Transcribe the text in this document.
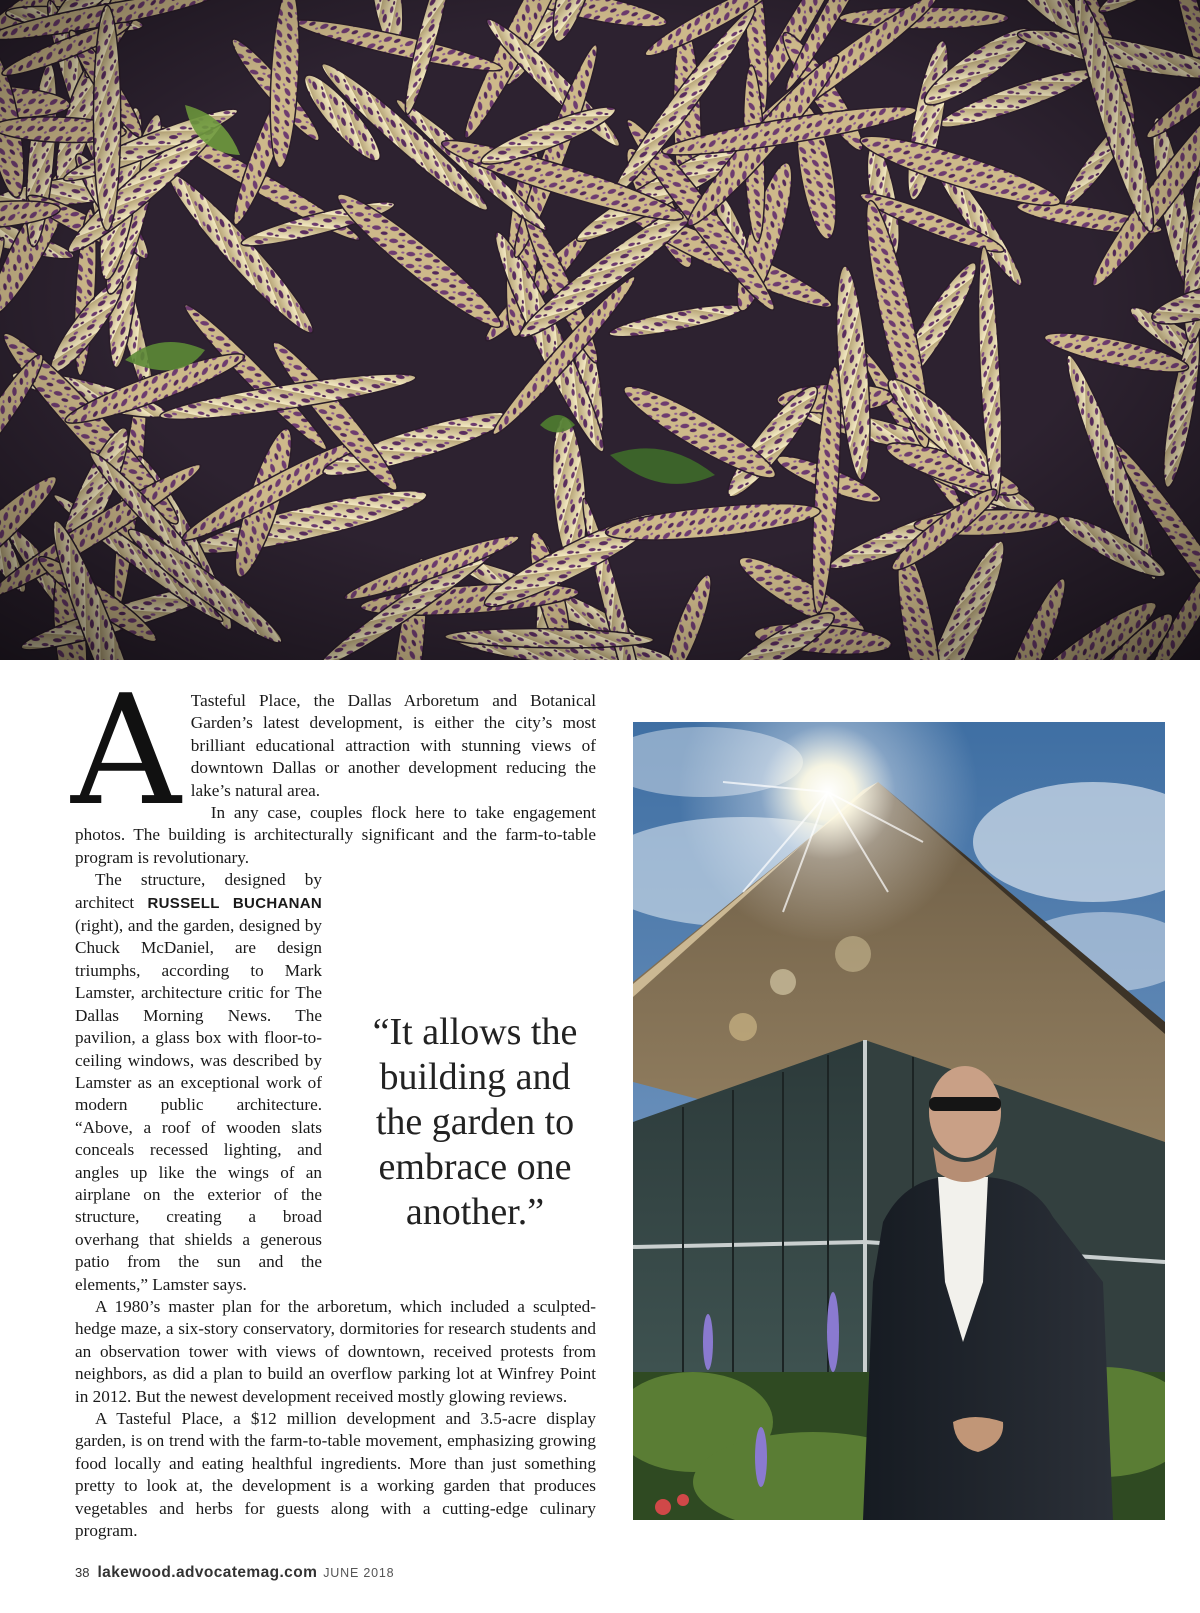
A Tasteful Place, the Dallas Arboretum and Botanical Garden’s latest development, is either the city’s most brilliant educational attraction with stunning views of downtown Dallas or another development reducing the lake’s natural area.

In any case, couples flock here to take engagement photos. The building is architecturally significant and the farm-to-table program is revolutionary.

The structure, designed by architect RUSSELL BUCHANAN (right), and the garden, designed by Chuck McDaniel, are design triumphs, according to Mark Lamster, architecture critic for The Dallas Morning News. The pavilion, a glass box with floor-to-ceiling windows, was described by Lamster as an exceptional work of modern public architecture. “Above, a roof of wooden slats conceals recessed lighting, and angles up like the wings of an airplane on the exterior of the structure, creating a broad overhang that shields a generous patio from the sun and the elements,” Lamster says.

A 1980’s master plan for the arboretum, which included a sculpted-hedge maze, a six-story conservatory, dormitories for research students and an observation tower with views of downtown, received protests from neighbors, as did a plan to build an overflow parking lot at Winfrey Point in 2012. But the newest development received mostly glowing reviews.

A Tasteful Place, a $12 million development and 3.5-acre display garden, is on trend with the farm-to-table movement, emphasizing growing food locally and eating healthful ingredients. More than just something pretty to look at, the development is a working garden that produces vegetables and herbs for guests along with a cutting-edge culinary program.

“It allows the building and the garden to embrace one another.”
38 lakewood.advocatemag.com JUNE 2018
